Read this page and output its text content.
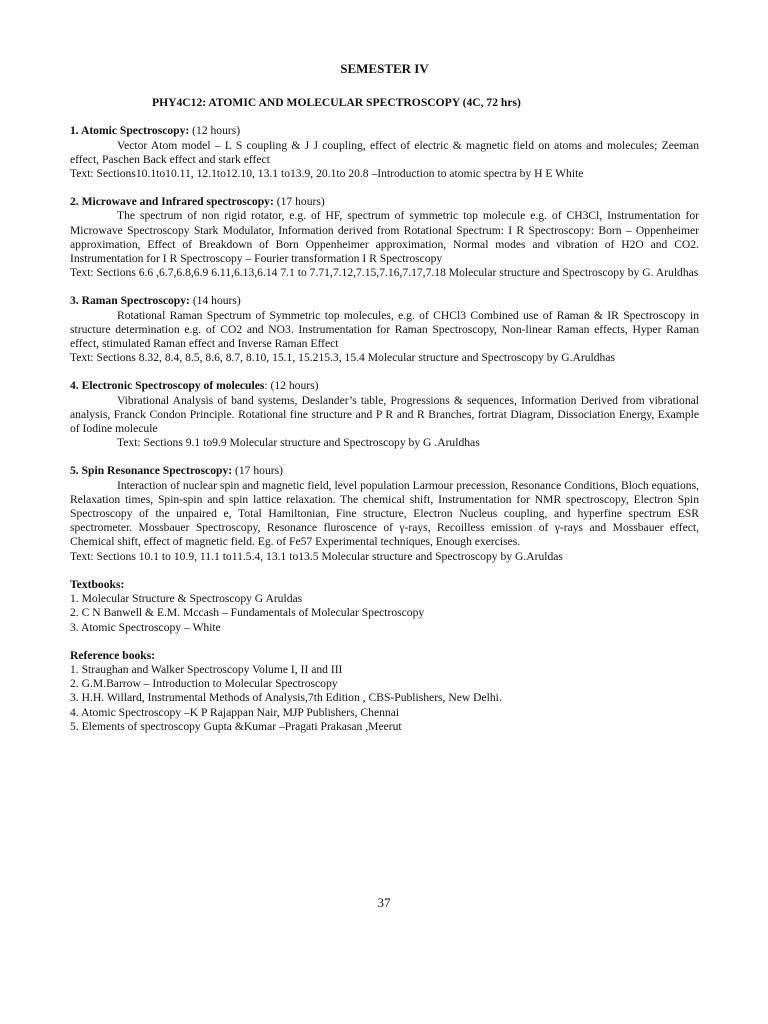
SEMESTER IV

PHY4C12: ATOMIC AND MOLECULAR SPECTROSCOPY (4C, 72 hrs)

1. Atomic Spectroscopy: (12 hours)

Vector Atom model – L S coupling & J J coupling, effect of electric & magnetic field on atoms and molecules; Zeeman effect, Paschen Back effect and stark effect

Text: Sections10.1to10.11, 12.1to12.10, 13.1 to13.9, 20.1to 20.8 –Introduction to atomic spectra by H E White

2. Microwave and Infrared spectroscopy: (17 hours)

The spectrum of non rigid rotator, e.g. of HF, spectrum of symmetric top molecule e.g. of CH3Cl, Instrumentation for Microwave Spectroscopy Stark Modulator, Information derived from Rotational Spectrum: I R Spectroscopy: Born – Oppenheimer approximation, Effect of Breakdown of Born Oppenheimer approximation, Normal modes and vibration of H2O and CO2. Instrumentation for I R Spectroscopy – Fourier transformation I R Spectroscopy

Text: Sections 6.6 ,6.7,6.8,6.9 6.11,6.13,6.14 7.1 to 7.71,7.12,7.15,7.16,7.17,7.18 Molecular structure and Spectroscopy by G. Aruldhas

3. Raman Spectroscopy: (14 hours)

Rotational Raman Spectrum of Symmetric top molecules, e.g. of CHCl3 Combined use of Raman & IR Spectroscopy in structure determination e.g. of CO2 and NO3. Instrumentation for Raman Spectroscopy, Non-linear Raman effects, Hyper Raman effect, stimulated Raman effect and Inverse Raman Effect

Text: Sections 8.32, 8.4, 8.5, 8.6, 8.7, 8.10, 15.1, 15.215.3, 15.4 Molecular structure and Spectroscopy by G.Aruldhas

4. Electronic Spectroscopy of molecules: (12 hours)

Vibrational Analysis of band systems, Deslander’s table, Progressions & sequences, Information Derived from vibrational analysis, Franck Condon Principle. Rotational fine structure and P R and R Branches, fortrat Diagram, Dissociation Energy, Example of Iodine molecule

Text: Sections 9.1 to9.9 Molecular structure and Spectroscopy by G .Aruldhas

5. Spin Resonance Spectroscopy: (17 hours)

Interaction of nuclear spin and magnetic field, level population Larmour precession, Resonance Conditions, Bloch equations, Relaxation times, Spin-spin and spin lattice relaxation. The chemical shift, Instrumentation for NMR spectroscopy, Electron Spin Spectroscopy of the unpaired e, Total Hamiltonian, Fine structure, Electron Nucleus coupling, and hyperfine spectrum ESR spectrometer. Mossbauer Spectroscopy, Resonance fluroscence of γ-rays, Recoilless emission of γ-rays and Mossbauer effect, Chemical shift, effect of magnetic field. Eg. of Fe57 Experimental techniques, Enough exercises.

Text: Sections 10.1 to 10.9, 11.1 to11.5.4, 13.1 to13.5 Molecular structure and Spectroscopy by G.Aruldas

Textbooks:

1. Molecular Structure & Spectroscopy G Aruldas

2. C N Banwell & E.M. Mccash – Fundamentals of Molecular Spectroscopy

3. Atomic Spectroscopy – White

Reference books:

1. Straughan and Walker Spectroscopy Volume I, II and III

2. G.M.Barrow – Introduction to Molecular Spectroscopy

3. H.H. Willard, Instrumental Methods of Analysis,7th Edition , CBS-Publishers, New Delhi.

4. Atomic Spectroscopy –K P Rajappan Nair, MJP Publishers, Chennai

5. Elements of spectroscopy Gupta &Kumar –Pragati Prakasan ,Meerut

37
